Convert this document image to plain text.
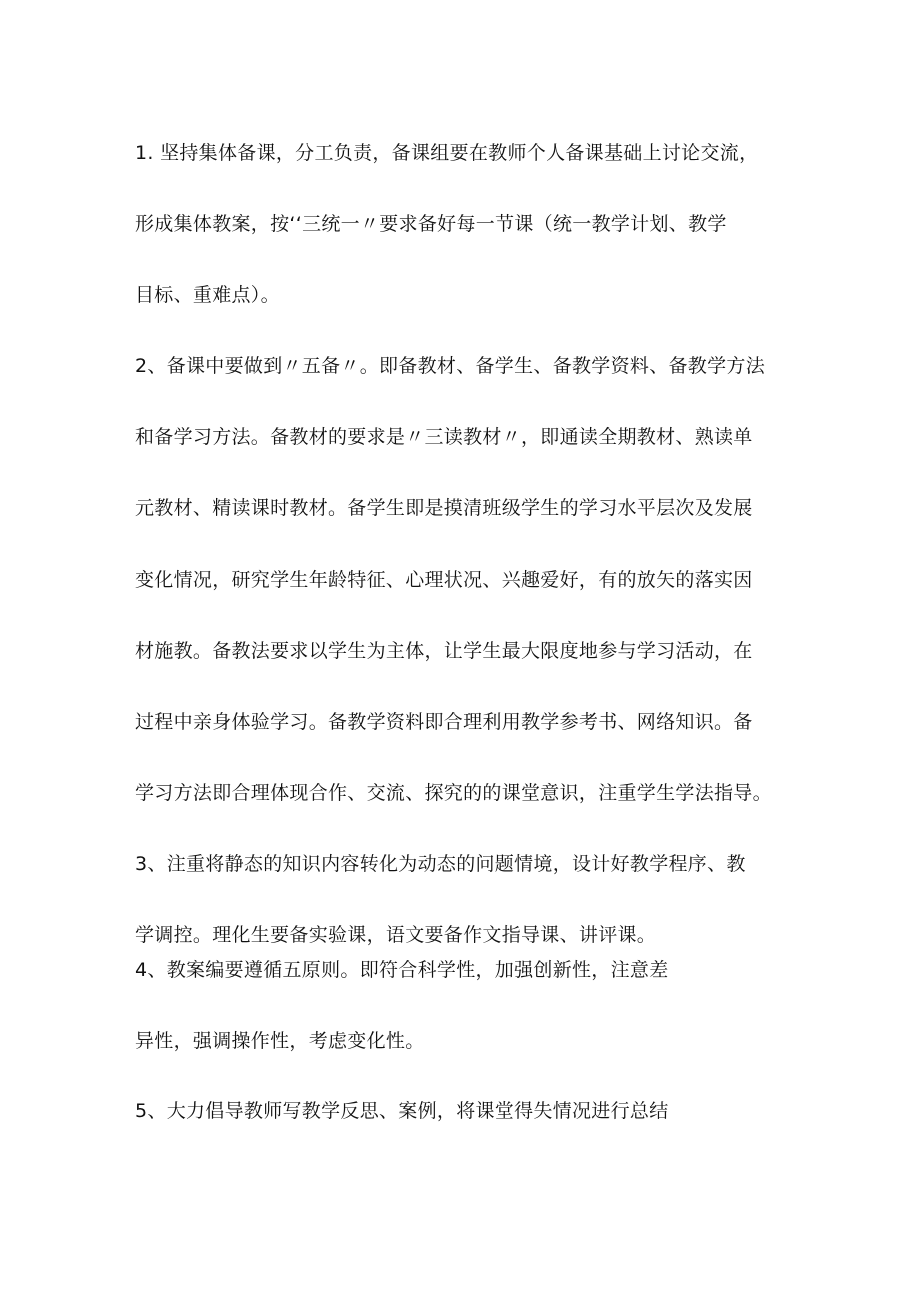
1. 坚持集体备课，分工负责，备课组要在教师个人备课基础上讨论交流，
形成集体教案，按‘‘三统一〃要求备好每一节课（统一教学计划、教学
目标、重难点）。
2、备课中要做到〃五备〃。即备教材、备学生、备教学资料、备教学方法
和备学习方法。备教材的要求是〃三读教材〃，即通读全期教材、熟读单
元教材、精读课时教材。备学生即是摸清班级学生的学习水平层次及发展
变化情况，研究学生年龄特征、心理状况、兴趣爱好，有的放矢的落实因
材施教。备教法要求以学生为主体，让学生最大限度地参与学习活动，在
过程中亲身体验学习。备教学资料即合理利用教学参考书、网络知识。备
学习方法即合理体现合作、交流、探究的的课堂意识，注重学生学法指导。
3、注重将静态的知识内容转化为动态的问题情境，设计好教学程序、教
学调控。理化生要备实验课，语文要备作文指导课、讲评课。
4、教案编要遵循五原则。即符合科学性，加强创新性，注意差
异性，强调操作性，考虑变化性。
5、大力倡导教师写教学反思、案例，将课堂得失情况进行总结
